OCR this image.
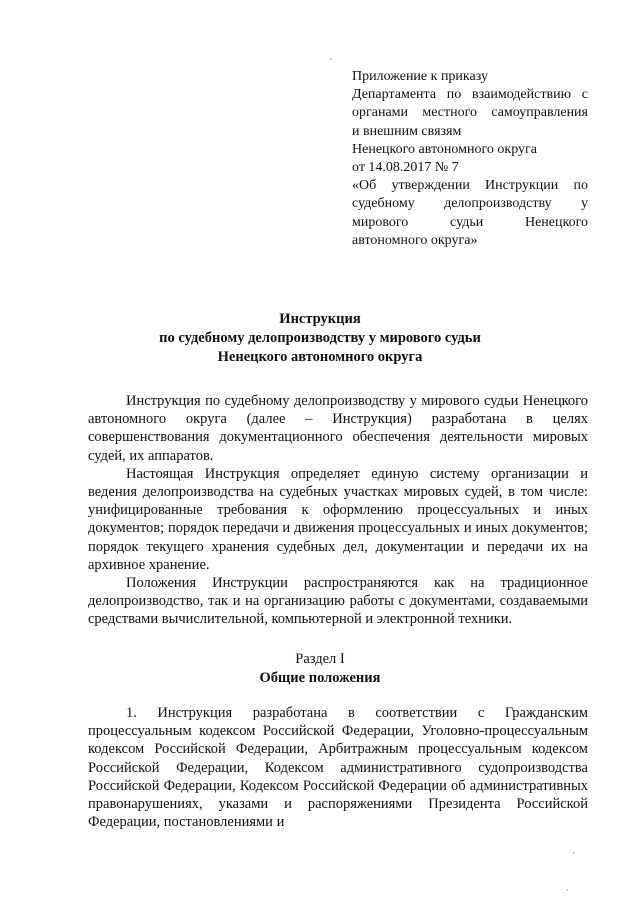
Приложение к приказу
Департамента по взаимодействию с
органами местного самоуправления
и внешним связям
Ненецкого автономного округа
от 14.08.2017 № 7
«Об утверждении Инструкции по
судебному делопроизводству у
мирового судьи Ненецкого
автономного округа»
Инструкция
по судебному делопроизводству у мирового судьи
Ненецкого автономного округа

Инструкция по судебному делопроизводству у мирового судьи Ненецкого автономного округа (далее – Инструкция) разработана в целях совершенствования документационного обеспечения деятельности мировых судей, их аппаратов.

Настоящая Инструкция определяет единую систему организации и ведения делопроизводства на судебных участках мировых судей, в том числе: унифицированные требования к оформлению процессуальных и иных документов; порядок передачи и движения процессуальных и иных документов; порядок текущего хранения судебных дел, документации и передачи их на архивное хранение.

Положения Инструкции распространяются как на традиционное делопроизводство, так и на организацию работы с документами, создаваемыми средствами вычислительной, компьютерной и электронной техники.

Раздел I
Общие положения

1. Инструкция разработана в соответствии с Гражданским процессуальным кодексом Российской Федерации, Уголовно-процессуальным кодексом Российской Федерации, Арбитражным процессуальным кодексом Российской Федерации, Кодексом административного судопроизводства Российской Федерации, Кодексом Российской Федерации об административных правонарушениях, указами и распоряжениями Президента Российской Федерации, постановлениями и
